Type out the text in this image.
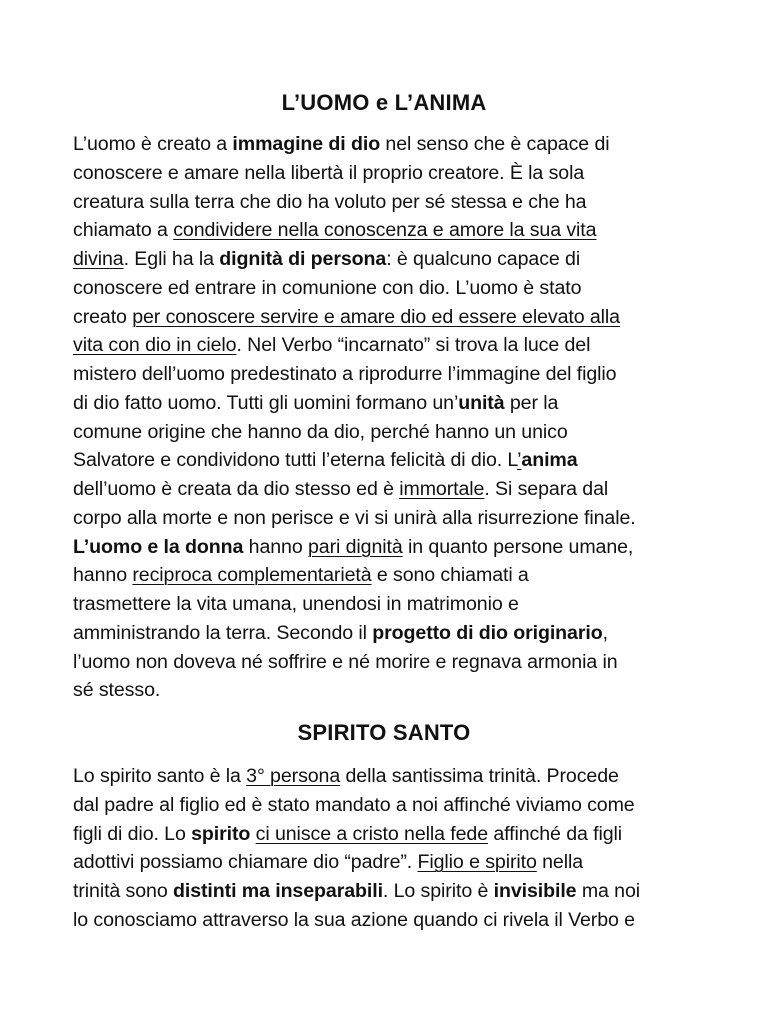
L’UOMO e L’ANIMA
L’uomo è creato a immagine di dio nel senso che è capace di
conoscere e amare nella libertà il proprio creatore. È la sola
creatura sulla terra che dio ha voluto per sé stessa e che ha
chiamato a condividere nella conoscenza e amore la sua vita
divina. Egli ha la dignità di persona: è qualcuno capace di
conoscere ed entrare in comunione con dio. L’uomo è stato
creato per conoscere servire e amare dio ed essere elevato alla
vita con dio in cielo. Nel Verbo “incarnato” si trova la luce del
mistero dell’uomo predestinato a riprodurre l’immagine del figlio
di dio fatto uomo. Tutti gli uomini formano un’unità per la
comune origine che hanno da dio, perché hanno un unico
Salvatore e condividono tutti l’eterna felicità di dio. L’anima
dell’uomo è creata da dio stesso ed è immortale. Si separa dal
corpo alla morte e non perisce e vi si unirà alla risurrezione finale.
L’uomo e la donna hanno pari dignità in quanto persone umane,
hanno reciproca complementarietà e sono chiamati a
trasmettere la vita umana, unendosi in matrimonio e
amministrando la terra. Secondo il progetto di dio originario,
l’uomo non doveva né soffrire e né morire e regnava armonia in
sé stesso.
SPIRITO SANTO
Lo spirito santo è la 3° persona della santissima trinità. Procede
dal padre al figlio ed è stato mandato a noi affinché viviamo come
figli di dio. Lo spirito ci unisce a cristo nella fede affinché da figli
adottivi possiamo chiamare dio “padre”. Figlio e spirito nella
trinità sono distinti ma inseparabili. Lo spirito è invisibile ma noi
lo conosciamo attraverso la sua azione quando ci rivela il Verbo e
